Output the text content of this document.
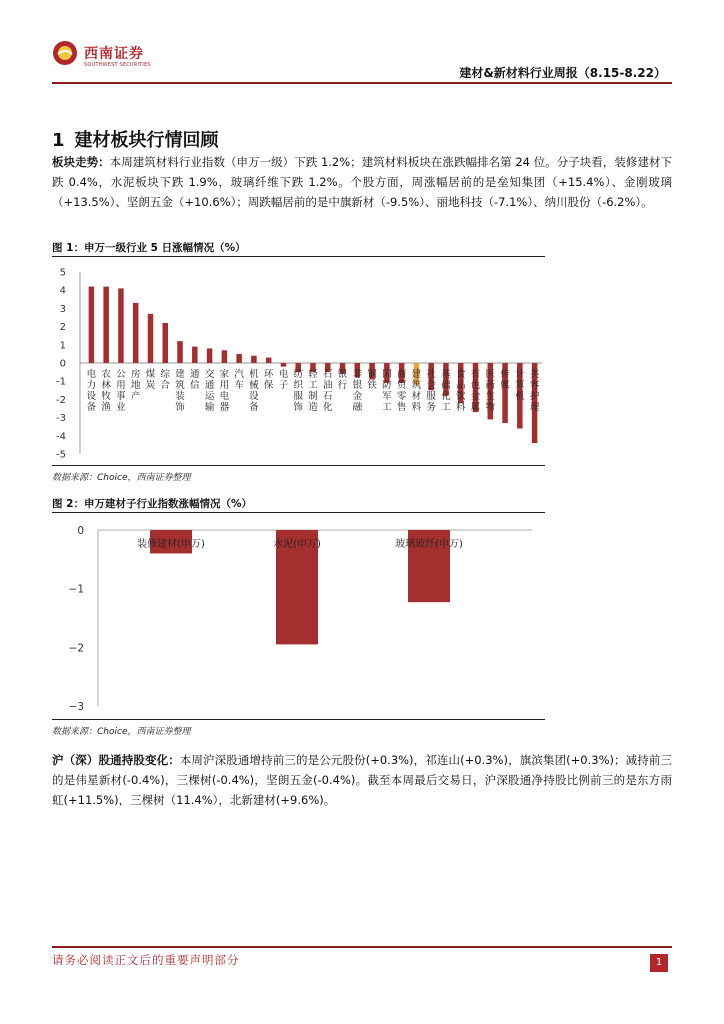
西南证券
SOUTHWEST SECURITIES
建材&新材料行业周报（8.15-8.22）
1 建材板块行情回顾
板块走势：本周建筑材料行业指数（申万一级）下跌 1.2%；建筑材料板块在涨跌幅排名第 24 位。分子块看，装修建材下跌 0.4%，水泥板块下跌 1.9%，玻璃纤维下跌 1.2%。个股方面，周涨幅居前的是垒知集团（+15.4%）、金刚玻璃（+13.5%）、坚朗五金（+10.6%）；周跌幅居前的是中旗新材（-9.5%）、丽地科技（-7.1%）、纳川股份（-6.2%）。
图 1：申万一级行业 5 日涨幅情况（%）
5
4
3
2
1
0
-1
-2
-3
-4
-5
电
力
设
备
农
林
牧
渔
公
用
事
业
房
地
产
煤
炭
综
合
建
筑
装
饰
通
信
交
通
运
输
家
用
电
器
汽
车
机
械
设
备
环
保
电
子
纺
织
服
饰
轻
工
制
造
石
油
石
化
银
行
非
银
金
融
钢
铁
国
防
军
工
商
贸
零
售
建
筑
材
料
社
会
服
务
基
础
化
工
食
品
饮
料
有
色
金
属
医
药
生
物
传
媒
计
算
机
美
容
护
理
数据来源：Choice，西南证券整理
图 2：申万建材子行业指数涨幅情况（%）
0
−1
−2
−3
装修建材(申万)	水泥(申万)	玻璃玻纤(申万)
数据来源：Choice，西南证券整理
沪（深）股通持股变化：本周沪深股通增持前三的是公元股份(+0.3%)，祁连山(+0.3%)，旗滨集团(+0.3%)；减持前三的是伟星新材(-0.4%)，三棵树(-0.4%)，坚朗五金(-0.4%)。截至本周最后交易日，沪深股通净持股比例前三的是东方雨虹(+11.5%)，三棵树（11.4%），北新建材(+9.6%)。
请务必阅读正文后的重要声明部分	1
